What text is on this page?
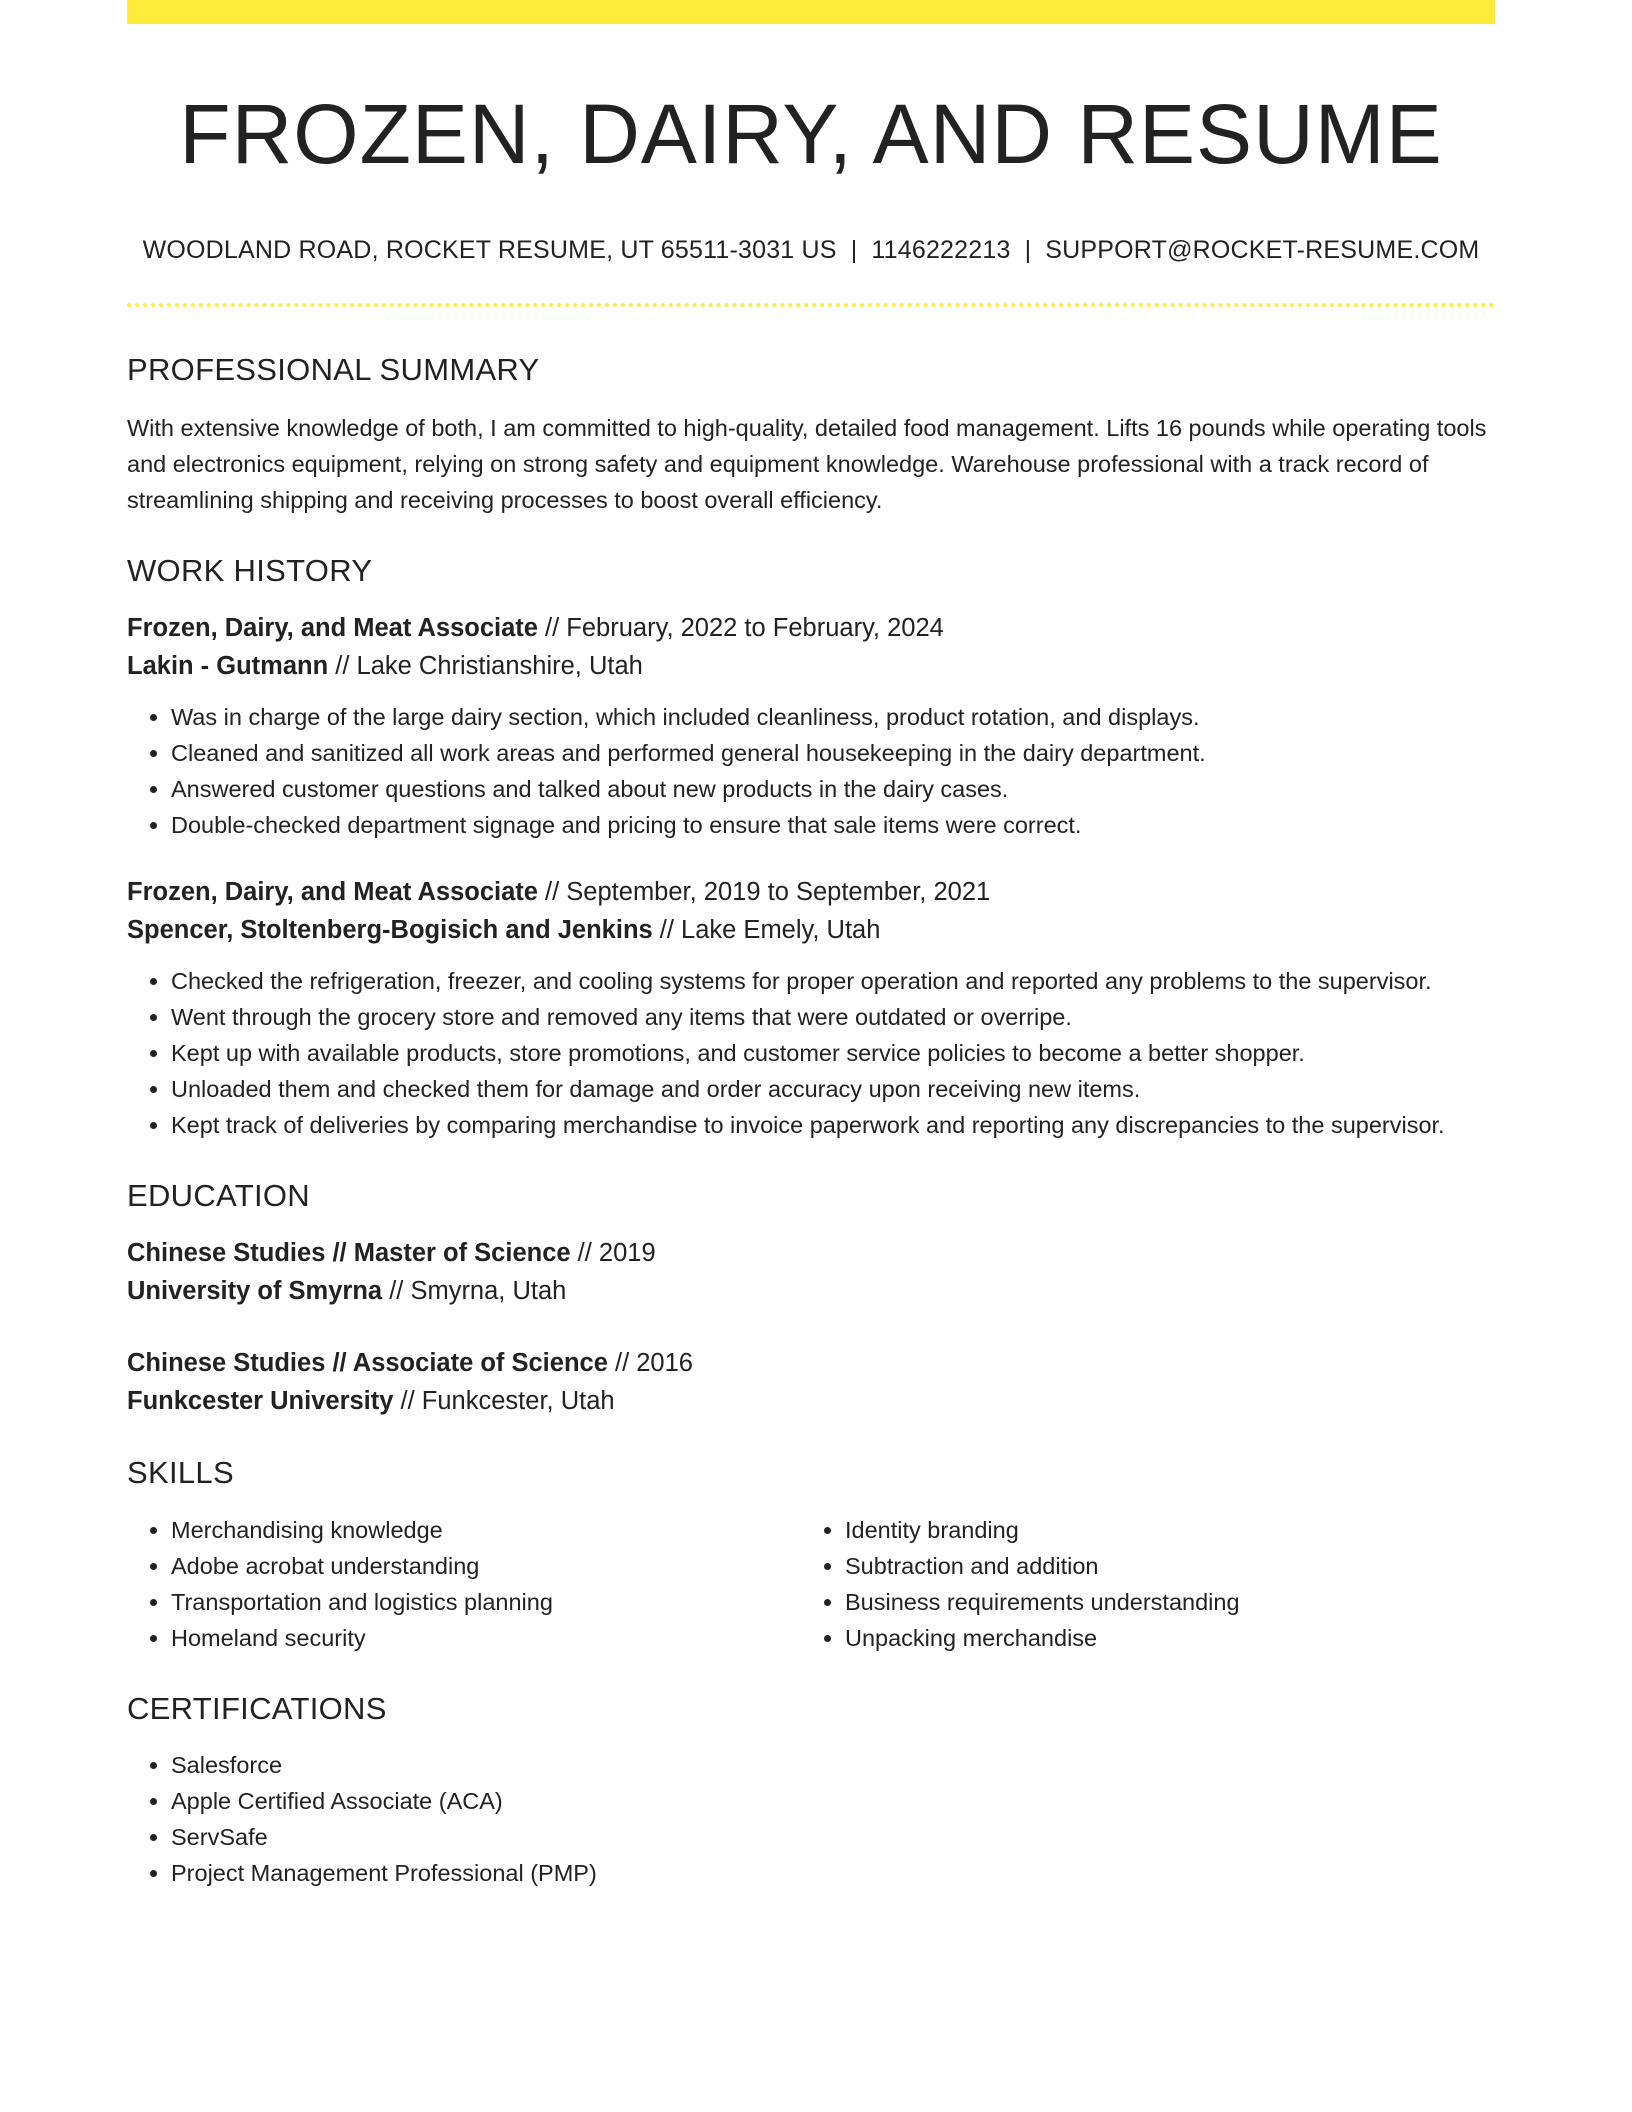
FROZEN, DAIRY, AND RESUME
WOODLAND ROAD, ROCKET RESUME, UT 65511-3031 US | 1146222213 | SUPPORT@ROCKET-RESUME.COM
PROFESSIONAL SUMMARY

With extensive knowledge of both, I am committed to high-quality, detailed food management. Lifts 16 pounds while operating tools and electronics equipment, relying on strong safety and equipment knowledge. Warehouse professional with a track record of streamlining shipping and receiving processes to boost overall efficiency.

WORK HISTORY

Frozen, Dairy, and Meat Associate // February, 2022 to February, 2024

Lakin - Gutmann // Lake Christianshire, Utah

• Was in charge of the large dairy section, which included cleanliness, product rotation, and displays.
• Cleaned and sanitized all work areas and performed general housekeeping in the dairy department.
• Answered customer questions and talked about new products in the dairy cases.
• Double-checked department signage and pricing to ensure that sale items were correct.

Frozen, Dairy, and Meat Associate // September, 2019 to September, 2021

Spencer, Stoltenberg-Bogisich and Jenkins // Lake Emely, Utah

• Checked the refrigeration, freezer, and cooling systems for proper operation and reported any problems to the supervisor.
• Went through the grocery store and removed any items that were outdated or overripe.
• Kept up with available products, store promotions, and customer service policies to become a better shopper.
• Unloaded them and checked them for damage and order accuracy upon receiving new items.
• Kept track of deliveries by comparing merchandise to invoice paperwork and reporting any discrepancies to the supervisor.
EDUCATION

Chinese Studies // Master of Science // 2019

University of Smyrna // Smyrna, Utah

Chinese Studies // Associate of Science // 2016

Funkcester University // Funkcester, Utah

SKILLS
• Merchandising knowledge
• Adobe acrobat understanding
• Transportation and logistics planning
• Homeland security
• Identity branding
• Subtraction and addition
• Business requirements understanding
• Unpacking merchandise
CERTIFICATIONS
• Salesforce
• Apple Certified Associate (ACA)
• ServSafe
• Project Management Professional (PMP)
